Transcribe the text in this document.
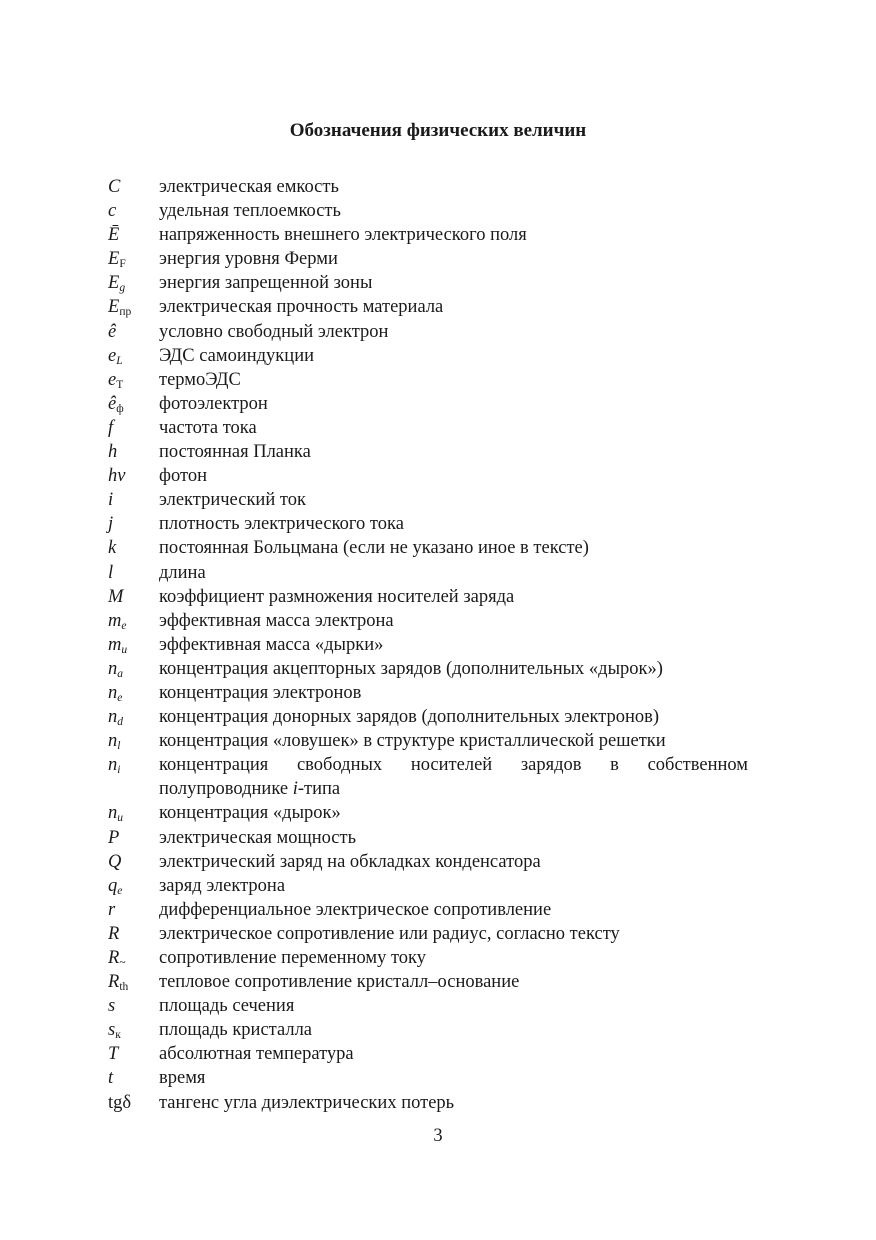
Обозначения физических величин
C	электрическая емкость
c	удельная теплоемкость
Ē	напряженность внешнего электрического поля
$E_F$	энергия уровня Ферми
$E_g$	энергия запрещенной зоны
$E_{пр}$	электрическая прочность материала
ê	условно свободный электрон
$e_L$	ЭДС самоиндукции
$e_Т$	термоЭДС
$ê_ф$	фотоэлектрон
f	частота тока
h	постоянная Планка
hv	фотон
i	электрический ток
j	плотность электрического тока
k	постоянная Больцмана (если не указано иное в тексте)
l	длина
M	коэффициент размножения носителей заряда
$m_e$	эффективная масса электрона
$m_и$	эффективная масса «дырки»
$n_a$	концентрация акцепторных зарядов (дополнительных «дырок»)
$n_e$	концентрация электронов
$n_d$	концентрация донорных зарядов (дополнительных электронов)
$n_l$	концентрация «ловушек» в структуре кристаллической решетки
$n_i$	концентрация свободных носителей зарядов в собственном полупроводнике i-типа
$n_и$	концентрация «дырок»
P	электрическая мощность
Q	электрический заряд на обкладках конденсатора
$q_e$	заряд электрона
r	дифференциальное электрическое сопротивление
R	электрическое сопротивление или радиус, согласно тексту
$R_\sim$	сопротивление переменному току
$R_{th}$	тепловое сопротивление кристалл–основание
s	площадь сечения
$s_к$	площадь кристалла
T	абсолютная температура
t	время
tgδ	тангенс угла диэлектрических потерь
3
